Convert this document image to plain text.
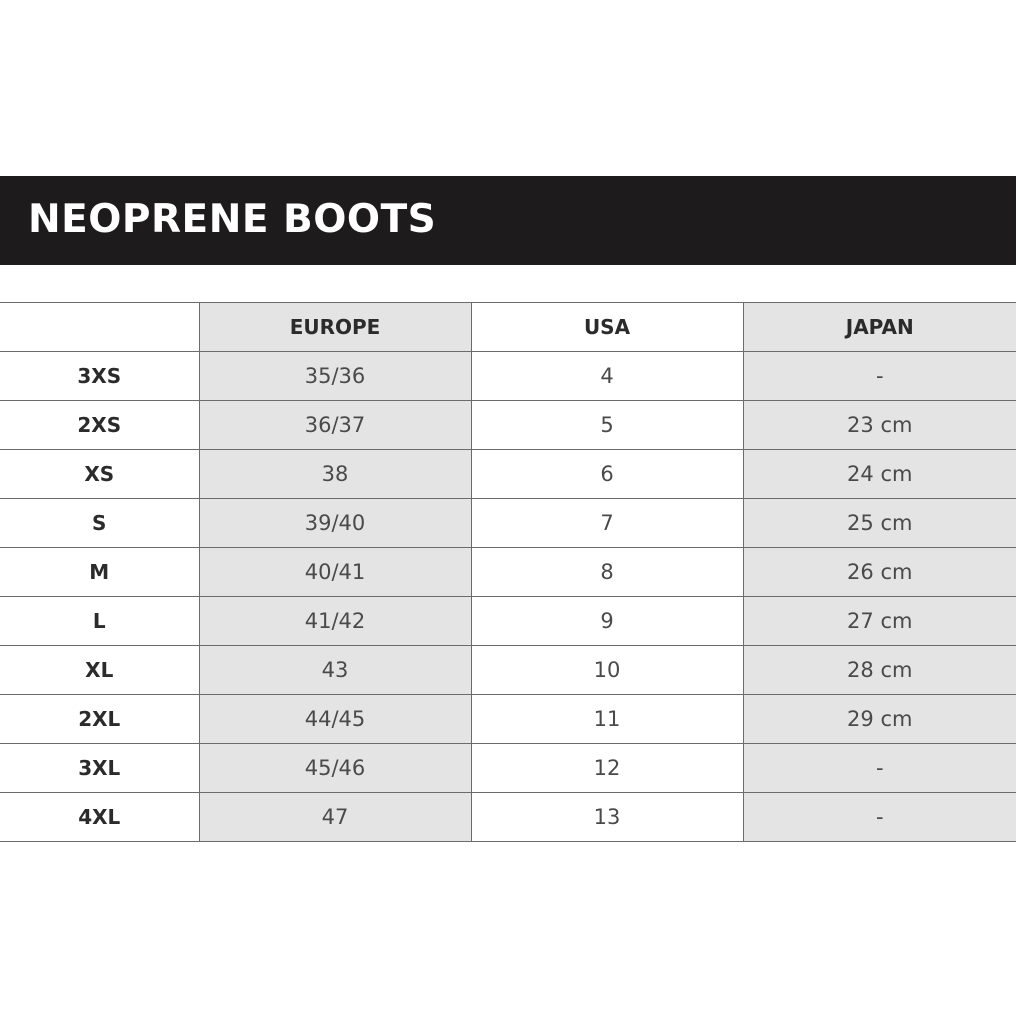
NEOPRENE BOOTS
	EUROPE	USA	JAPAN
3XS	35/36	4	-
2XS	36/37	5	23 cm
XS	38	6	24 cm
S	39/40	7	25 cm
M	40/41	8	26 cm
L	41/42	9	27 cm
XL	43	10	28 cm
2XL	44/45	11	29 cm
3XL	45/46	12	-
4XL	47	13	-
